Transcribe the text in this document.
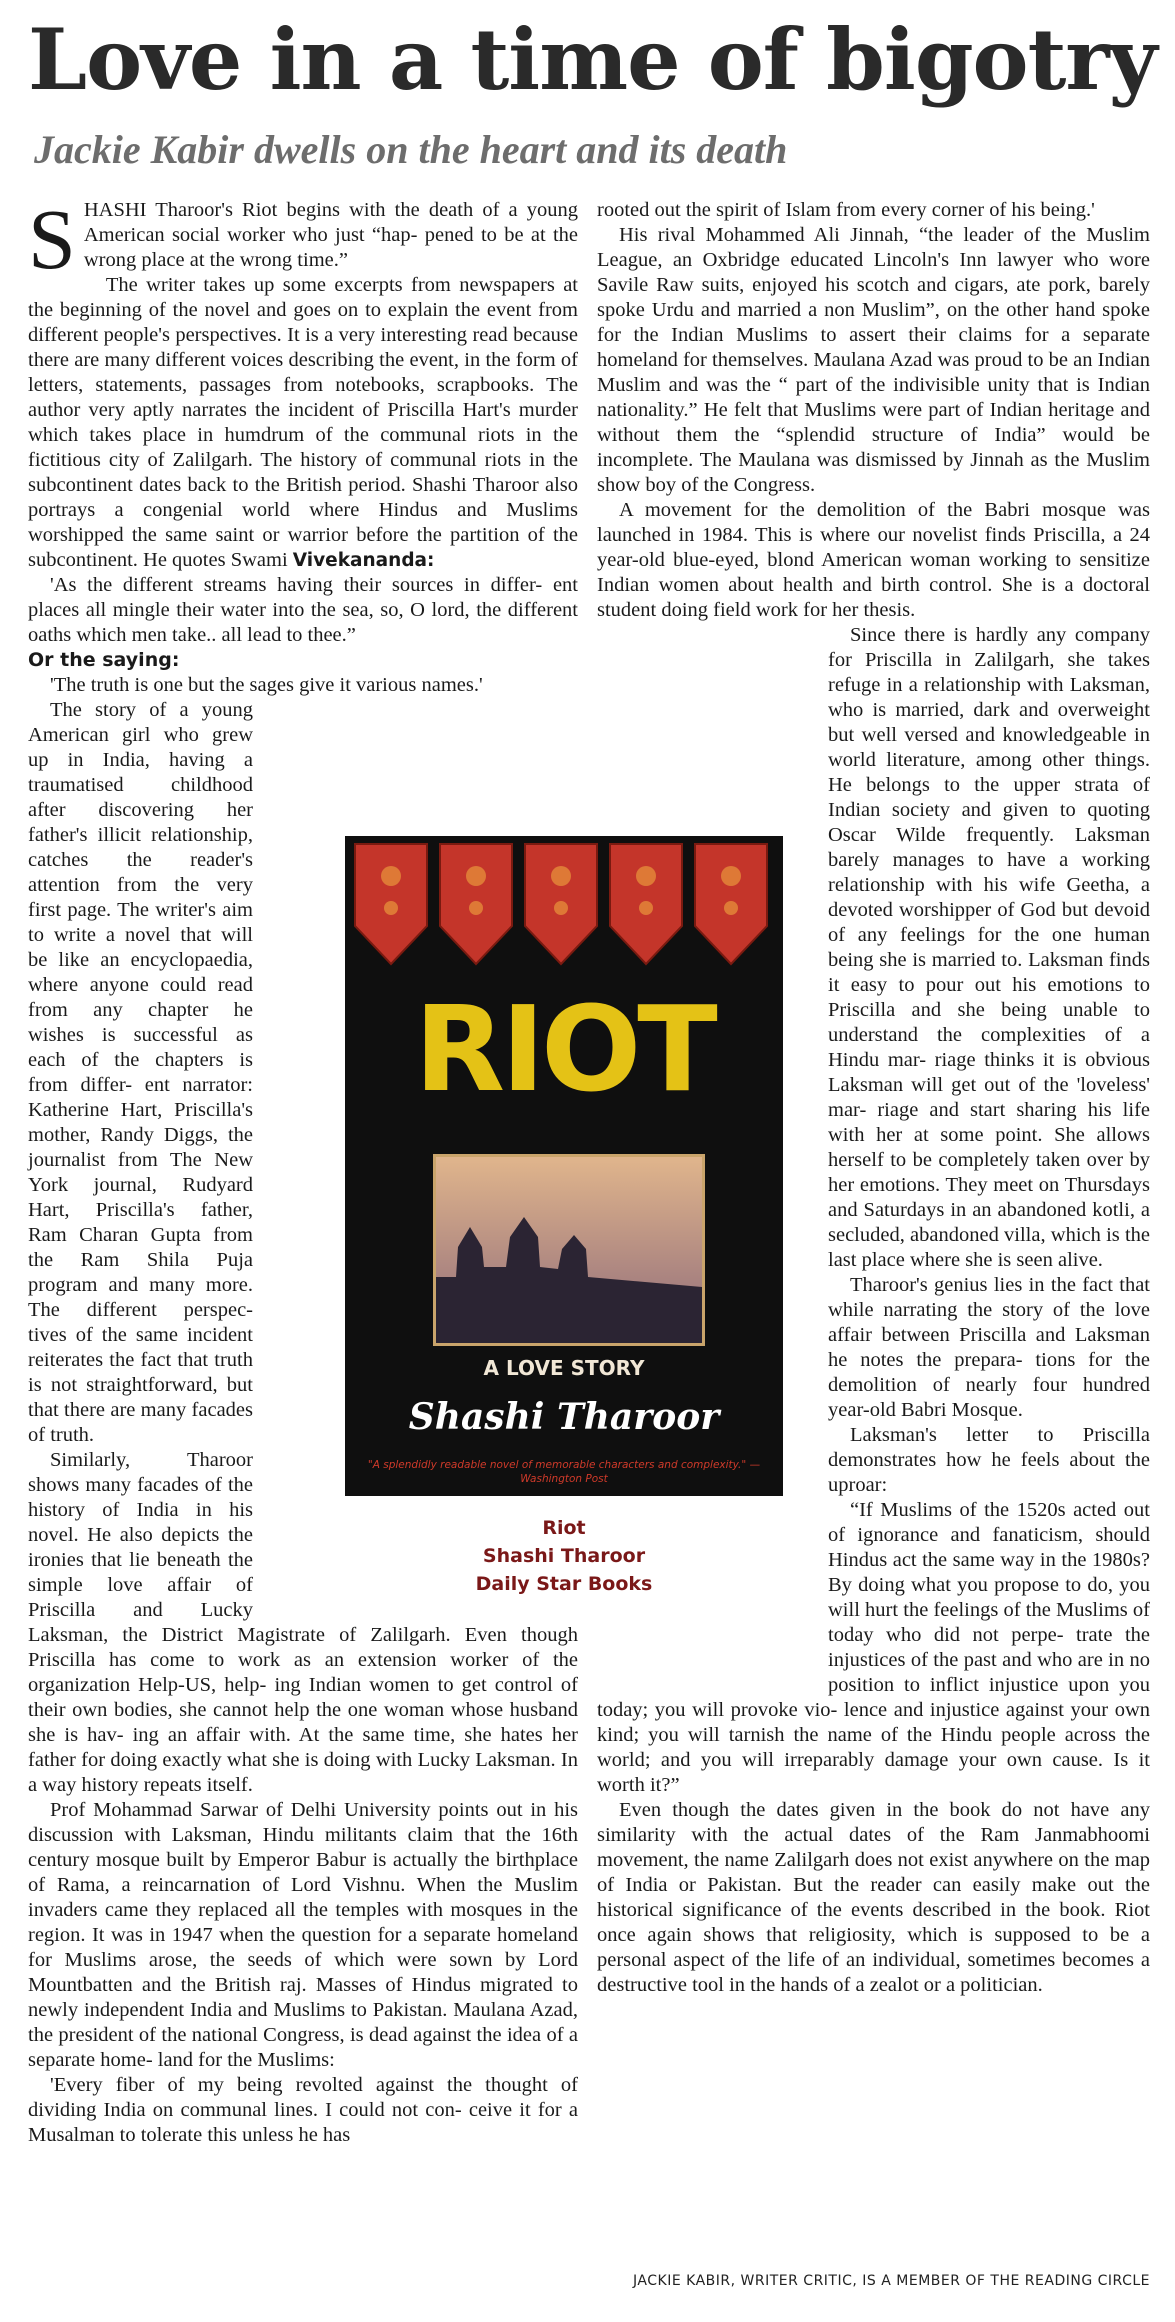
Love in a time of bigotry
Jackie Kabir dwells on the heart and its death

SHASHI Tharoor's Riot begins with the death of a young American social worker who just “hap- pened to be at the wrong place at the wrong time.”

The writer takes up some excerpts from newspapers at the beginning of the novel and goes on to explain the event from different people's perspectives. It is a very interesting read because there are many different voices describing the event, in the form of letters, statements, passages from notebooks, scrapbooks. The author very aptly narrates the incident of Priscilla Hart's murder which takes place in humdrum of the communal riots in the fictitious city of Zalilgarh. The history of communal riots in the subcontinent dates back to the British period. Shashi Tharoor also portrays a congenial world where Hindus and Muslims worshipped the same saint or warrior before the partition of the subcontinent. He quotes Swami Vivekananda:

'As the different streams having their sources in differ- ent places all mingle their water into the sea, so, O lord, the different oaths which men take.. all lead to thee.”

Or the saying:

'The truth is one but the sages give it various names.'

The story of a young American girl who grew up in India, having a traumatised childhood after discovering her father's illicit relationship, catches the reader's attention from the very first page. The writer's aim to write a novel that will be like an encyclopaedia, where anyone could read from any chapter he wishes is successful as each of the chapters is from differ- ent narrator: Katherine Hart, Priscilla's mother, Randy Diggs, the journalist from The New York journal, Rudyard Hart, Priscilla's father, Ram Charan Gupta from the Ram Shila Puja program and many more. The different perspec- tives of the same incident reiterates the fact that truth is not straightforward, but that there are many facades of truth.

Similarly, Tharoor shows many facades of the history of India in his novel. He also depicts the ironies that lie beneath the simple love affair of Priscilla and Lucky Laksman, the District Magistrate of Zalilgarh. Even though Priscilla has come to work as an extension worker of the organization Help-US, help- ing Indian women to get control of their own bodies, she cannot help the one woman whose husband she is hav- ing an affair with. At the same time, she hates her father for doing exactly what she is doing with Lucky Laksman. In a way history repeats itself.

Prof Mohammad Sarwar of Delhi University points out in his discussion with Laksman, Hindu militants claim that the 16th century mosque built by Emperor Babur is actually the birthplace of Rama, a reincarnation of Lord Vishnu. When the Muslim invaders came they replaced all the temples with mosques in the region. It was in 1947 when the question for a separate homeland for Muslims arose, the seeds of which were sown by Lord Mountbatten and the British raj. Masses of Hindus migrated to newly independent India and Muslims to Pakistan. Maulana Azad, the president of the national Congress, is dead against the idea of a separate home- land for the Muslims:

'Every fiber of my being revolted against the thought of dividing India on communal lines. I could not con- ceive it for a Musalman to tolerate this unless he has

rooted out the spirit of Islam from every corner of his being.'

His rival Mohammed Ali Jinnah, “the leader of the Muslim League, an Oxbridge educated Lincoln's Inn lawyer who wore Savile Raw suits, enjoyed his scotch and cigars, ate pork, barely spoke Urdu and married a non Muslim”, on the other hand spoke for the Indian Muslims to assert their claims for a separate homeland for themselves. Maulana Azad was proud to be an Indian Muslim and was the “ part of the indivisible unity that is Indian nationality.” He felt that Muslims were part of Indian heritage and without them the “splendid structure of India” would be incomplete. The Maulana was dismissed by Jinnah as the Muslim show boy of the Congress.

A movement for the demolition of the Babri mosque was launched in 1984. This is where our novelist finds Priscilla, a 24 year-old blue-eyed, blond American woman working to sensitize Indian women about health and birth control. She is a doctoral student doing field work for her thesis.

Since there is hardly any company for Priscilla in Zalilgarh, she takes refuge in a relationship with Laksman, who is married, dark and overweight but well versed and knowledgeable in world literature, among other things. He belongs to the upper strata of Indian society and given to quoting Oscar Wilde frequently. Laksman barely manages to have a working relationship with his wife Geetha, a devoted worshipper of God but devoid of any feelings for the one human being she is married to. Laksman finds it easy to pour out his emotions to Priscilla and she being unable to understand the complexities of a Hindu mar- riage thinks it is obvious Laksman will get out of the 'loveless' mar- riage and start sharing his life with her at some point. She allows herself to be completely taken over by her emotions. They meet on Thursdays and Saturdays in an abandoned kotli, a secluded, abandoned villa, which is the last place where she is seen alive.

Tharoor's genius lies in the fact that while narrating the story of the love affair between Priscilla and Laksman he notes the prepara- tions for the demolition of nearly four hundred year-old Babri Mosque.

Laksman's letter to Priscilla demonstrates how he feels about the uproar:

“If Muslims of the 1520s acted out of ignorance and fanaticism, should Hindus act the same way in the 1980s? By doing what you propose to do, you will hurt the feelings of the Muslims of today who did not perpe- trate the injustices of the past and who are in no position to inflict injustice upon you today; you will provoke vio- lence and injustice against your own kind; you will tarnish the name of the Hindu people across the world; and you will irreparably damage your own cause. Is it worth it?”

Even though the dates given in the book do not have any similarity with the actual dates of the Ram Janmabhoomi movement, the name Zalilgarh does not exist anywhere on the map of India or Pakistan. But the reader can easily make out the historical significance of the events described in the book. Riot once again shows that religiosity, which is supposed to be a personal aspect of the life of an individual, sometimes becomes a destructive tool in the hands of a zealot or a politician.

RIOT
A LOVE STORY
Shashi Tharoor
"A splendidly readable novel of memorable characters and complexity." —Washington Post
Riot
Shashi Tharoor
Daily Star Books
JACKIE KABIR, WRITER CRITIC, IS A MEMBER OF THE READING CIRCLE
